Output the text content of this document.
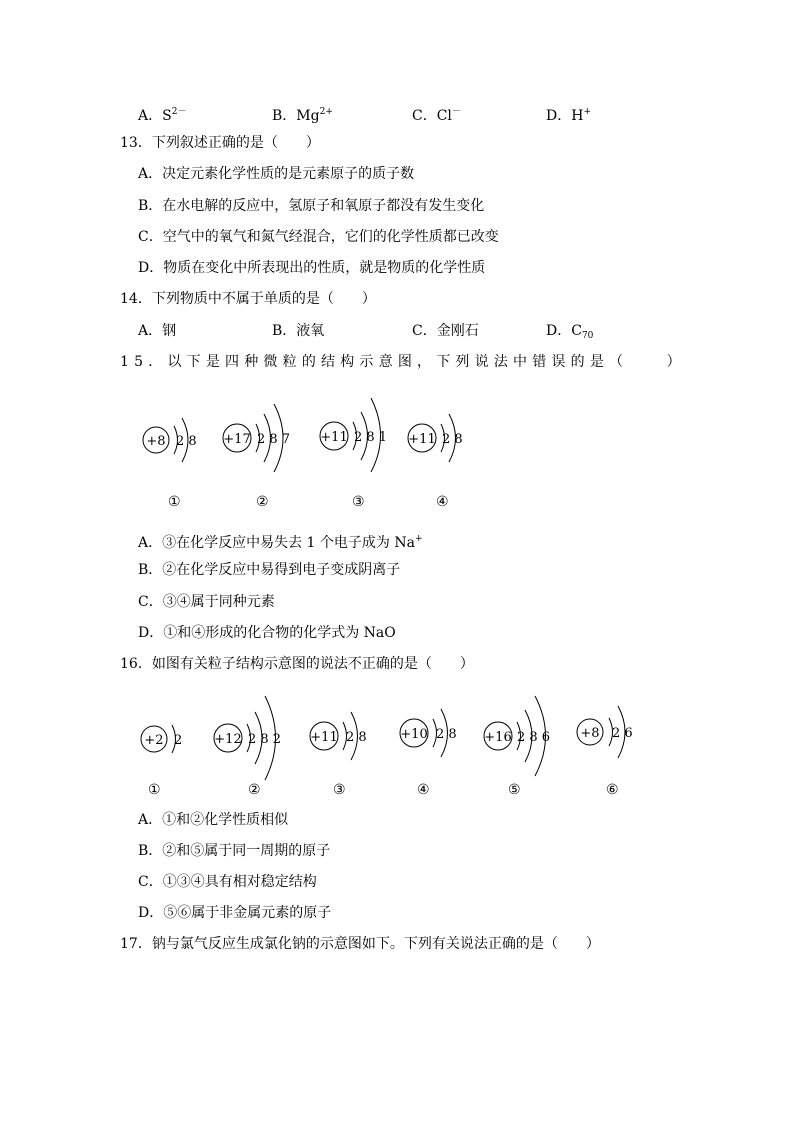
A．$S^{2-}$	B．$Mg^{2+}$	C．Cl－	D．H+
13．下列叙述正确的是（　　）
A．决定元素化学性质的是元素原子的质子数
B．在水电解的反应中，氢原子和氧原子都没有发生变化
C．空气中的氧气和氮气经混合，它们的化学性质都已改变
D．物质在变化中所表现出的性质，就是物质的化学性质
14．下列物质中不属于单质的是（　　）
A．钢	B．液氧	C．金刚石	D．$C_{70}$
15．以下是四种微粒的结构示意图，下列说法中错误的是（　　）
+8 2 8 +17 2 8 7 +11 2 8 1 +11 2 8
①	②	③	④
A．③在化学反应中易失去 1 个电子成为 Na+
B．②在化学反应中易得到电子变成阴离子
C．③④属于同种元素
D．①和④形成的化合物的化学式为 NaO
16．如图有关粒子结构示意图的说法不正确的是（　　）
+2 2 +12 2 8 2 +11 2 8	+10 2 8 +16 2 8 6 +8 2 6
①	②	③	④	⑤	⑥
A．①和②化学性质相似
B．②和⑤属于同一周期的原子
C．①③④具有相对稳定结构
D．⑤⑥属于非金属元素的原子
17．钠与氯气反应生成氯化钠的示意图如下。下列有关说法正确的是（　　）
